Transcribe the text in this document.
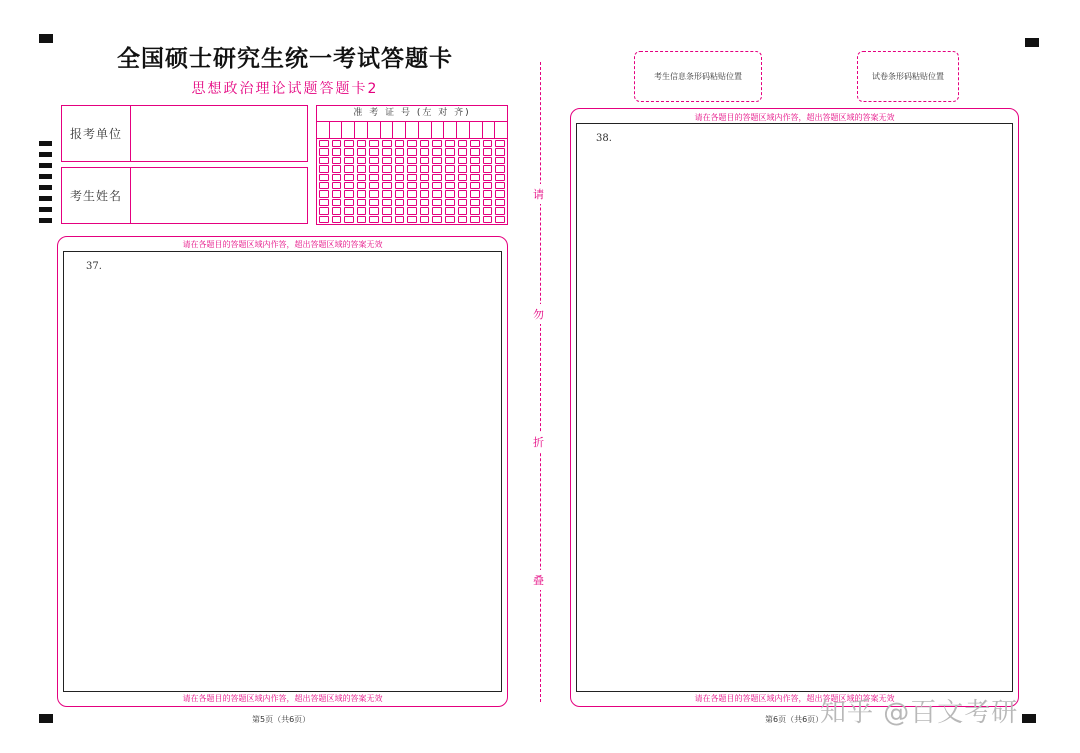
全国硕士研究生统一考试答题卡
思想政治理论试题答题卡2
报考单位
考生姓名
准 考 证 号 (左 对 齐)
请在各题目的答题区域内作答，超出答题区域的答案无效
37.
请在各题目的答题区域内作答，超出答题区域的答案无效
请
勿
折
叠
考生信息条形码粘贴位置	试卷条形码粘贴位置
请在各题目的答题区域内作答，超出答题区域的答案无效
38.
请在各题目的答题区域内作答，超出答题区域的答案无效
第5页（共6页）	第6页（共6页）
知乎 @百文考研
